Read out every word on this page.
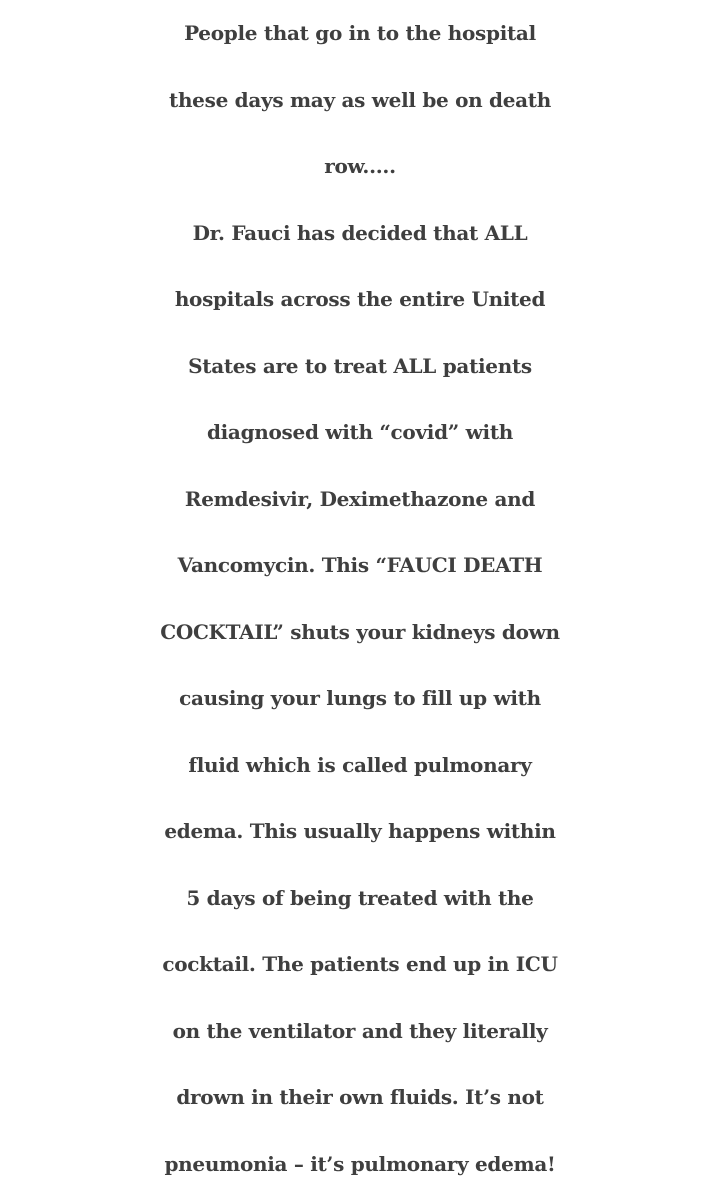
People that go in to the hospital
these days may as well be on death
row.....
Dr. Fauci has decided that ALL
hospitals across the entire United
States are to treat ALL patients
diagnosed with “covid” with
Remdesivir, Deximethazone and
Vancomycin. This “FAUCI DEATH
COCKTAIL” shuts your kidneys down
causing your lungs to fill up with
fluid which is called pulmonary
edema. This usually happens within
5 days of being treated with the
cocktail. The patients end up in ICU
on the ventilator and they literally
drown in their own fluids. It’s not
pneumonia – it’s pulmonary edema!
